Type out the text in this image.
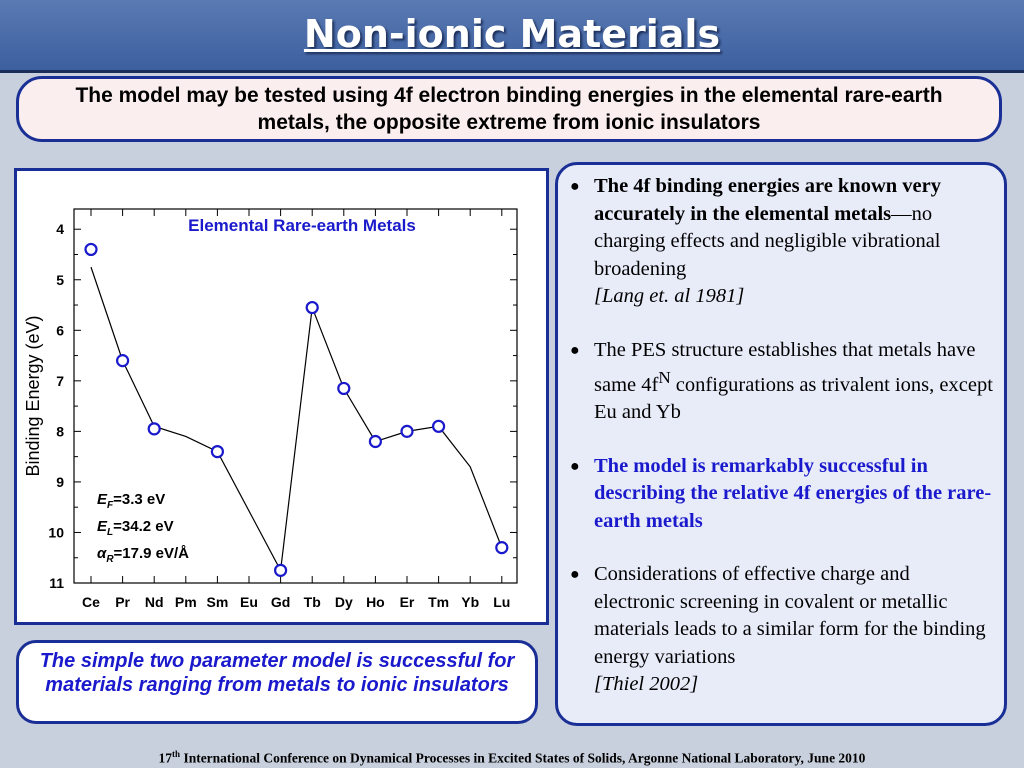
Non-ionic Materials
The model may be tested using 4f electron binding energies in the elemental rare-earth metals, the opposite extreme from ionic insulators
4
5
6
7
8
9
10
11
Ce Pr Nd Pm Sm Eu Gd Tb Dy Ho Er Tm Yb Lu
Binding Energy (eV)
Elemental Rare-earth Metals
$E_F=3.3$ eV
$E_L=34.2$ eV
$\alpha_R=17.9$ eV/Å
The simple two parameter model is successful for materials ranging from metals to ionic insulators
● The 4f binding energies are known very accurately in the elemental metals—no charging effects and negligible vibrational broadening
[Lang et. al 1981]
● The PES structure establishes that metals have same $4f^N$ configurations as trivalent ions, except Eu and Yb
● The model is remarkably successful in describing the relative 4f energies of the rare-earth metals
● Considerations of effective charge and electronic screening in covalent or metallic materials leads to a similar form for the binding energy variations
[Thiel 2002]
17th International Conference on Dynamical Processes in Excited States of Solids, Argonne National Laboratory, June 2010
